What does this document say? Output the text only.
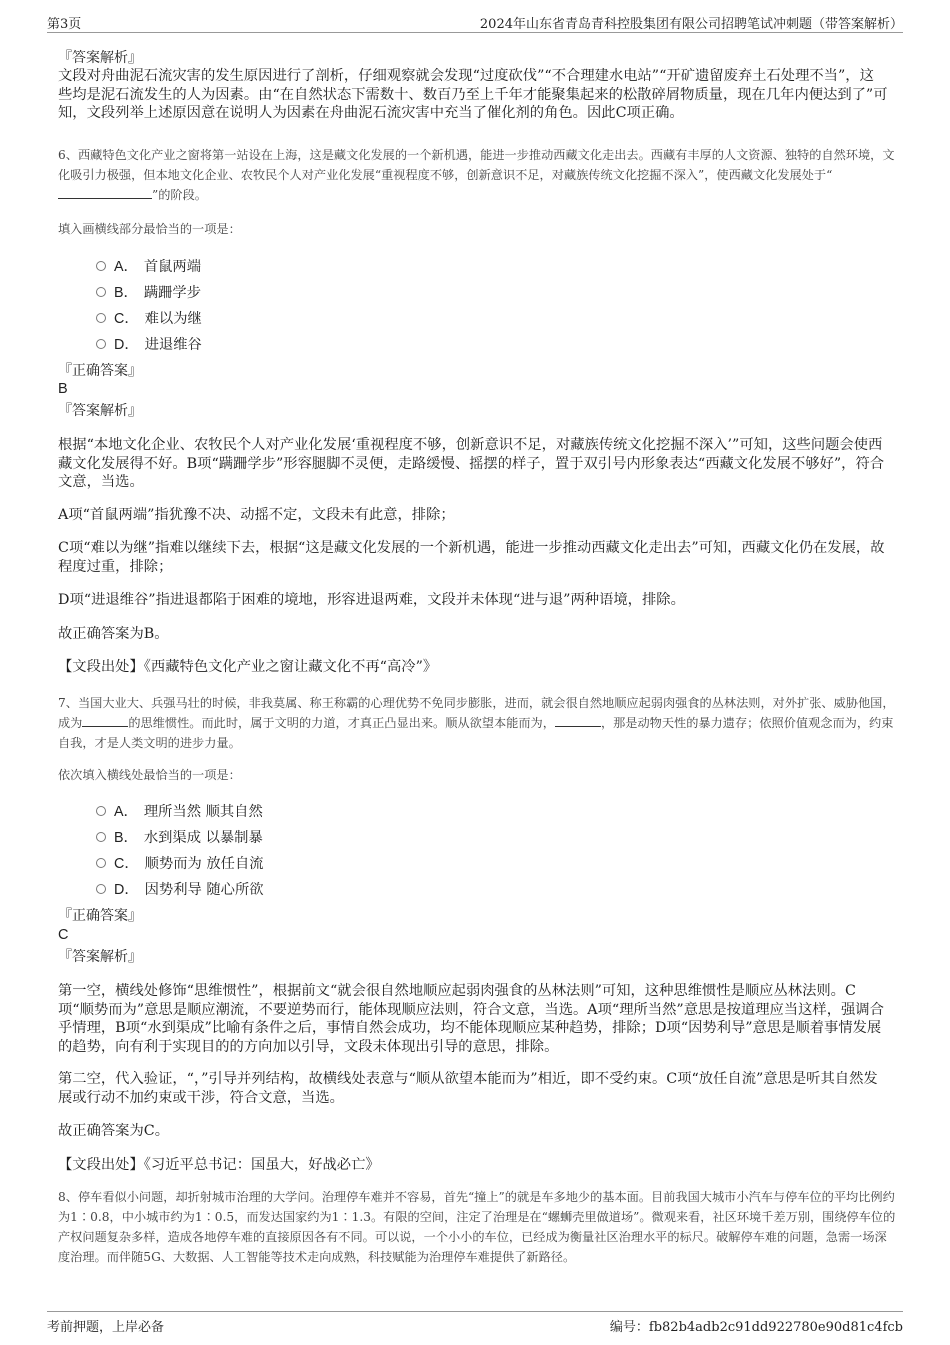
第3页	2024年山东省青岛青科控股集团有限公司招聘笔试冲刺题（带答案解析）
『答案解析』

文段对舟曲泥石流灾害的发生原因进行了剖析，仔细观察就会发现“过度砍伐”“不合理建水电站”“开矿遗留废弃土石处理不当”，这些均是泥石流发生的人为因素。由“在自然状态下需数十、数百乃至上千年才能聚集起来的松散碎屑物质量，现在几年内便达到了”可知，文段列举上述原因意在说明人为因素在舟曲泥石流灾害中充当了催化剂的角色。因此C项正确。

6、西藏特色文化产业之窗将第一站设在上海，这是藏文化发展的一个新机遇，能进一步推动西藏文化走出去。西藏有丰厚的人文资源、独特的自然环境，文化吸引力极强，但本地文化企业、农牧民个人对产业化发展“重视程度不够，创新意识不足，对藏族传统文化挖掘不深入”，使西藏文化发展处于“”的阶段。

填入画横线部分最恰当的一项是：
A． 首鼠两端
B． 蹒跚学步
C． 难以为继
D． 进退维谷
『正确答案』
B
『答案解析』

根据“本地文化企业、农牧民个人对产业化发展‘重视程度不够，创新意识不足，对藏族传统文化挖掘不深入’”可知，这些问题会使西藏文化发展得不好。B项“蹒跚学步”形容腿脚不灵便，走路缓慢、摇摆的样子，置于双引号内形象表达“西藏文化发展不够好”，符合文意，当选。

A项“首鼠两端”指犹豫不决、动摇不定，文段未有此意，排除；

C项“难以为继”指难以继续下去，根据“这是藏文化发展的一个新机遇，能进一步推动西藏文化走出去”可知，西藏文化仍在发展，故程度过重，排除；

D项“进退维谷”指进退都陷于困难的境地，形容进退两难，文段并未体现“进与退”两种语境，排除。

故正确答案为B。

【文段出处】《西藏特色文化产业之窗让藏文化不再“高冷”》

7、当国大业大、兵强马壮的时候，非我莫属、称王称霸的心理优势不免同步膨胀，进而，就会很自然地顺应起弱肉强食的丛林法则，对外扩张、威胁他国，成为	的思维惯性。而此时，属于文明的力道，才真正凸显出来。顺从欲望本能而为，	，那是动物天性的暴力遗存；依照价值观念而为，约束自我，才是人类文明的进步力量。

依次填入横线处最恰当的一项是：
A． 理所当然 顺其自然
B． 水到渠成 以暴制暴
C． 顺势而为 放任自流
D． 因势利导 随心所欲
『正确答案』
C
『答案解析』

第一空，横线处修饰“思维惯性”，根据前文“就会很自然地顺应起弱肉强食的丛林法则”可知，这种思维惯性是顺应丛林法则。C项“顺势而为”意思是顺应潮流，不要逆势而行，能体现顺应法则，符合文意，当选。A项“理所当然”意思是按道理应当这样，强调合乎情理，B项“水到渠成”比喻有条件之后，事情自然会成功，均不能体现顺应某种趋势，排除；D项“因势利导”意思是顺着事情发展的趋势，向有利于实现目的的方向加以引导，文段未体现出引导的意思，排除。

第二空，代入验证，“，”引导并列结构，故横线处表意与“顺从欲望本能而为”相近，即不受约束。C项“放任自流”意思是听其自然发展或行动不加约束或干涉，符合文意，当选。

故正确答案为C。

【文段出处】《习近平总书记：国虽大，好战必亡》

8、停车看似小问题，却折射城市治理的大学问。治理停车难并不容易，首先“撞上”的就是车多地少的基本面。目前我国大城市小汽车与停车位的平均比例约为1∶0.8，中小城市约为1∶0.5，而发达国家约为1∶1.3。有限的空间，注定了治理是在“螺蛳壳里做道场”。微观来看，社区环境千差万别，围绕停车位的产权问题复杂多样，造成各地停车难的直接原因各有不同。可以说，一个小小的车位，已经成为衡量社区治理水平的标尺。破解停车难的问题，急需一场深度治理。而伴随5G、大数据、人工智能等技术走向成熟，科技赋能为治理停车难提供了新路径。

考前押题，上岸必备	编号：fb82b4adb2c91dd922780e90d81c4fcb
